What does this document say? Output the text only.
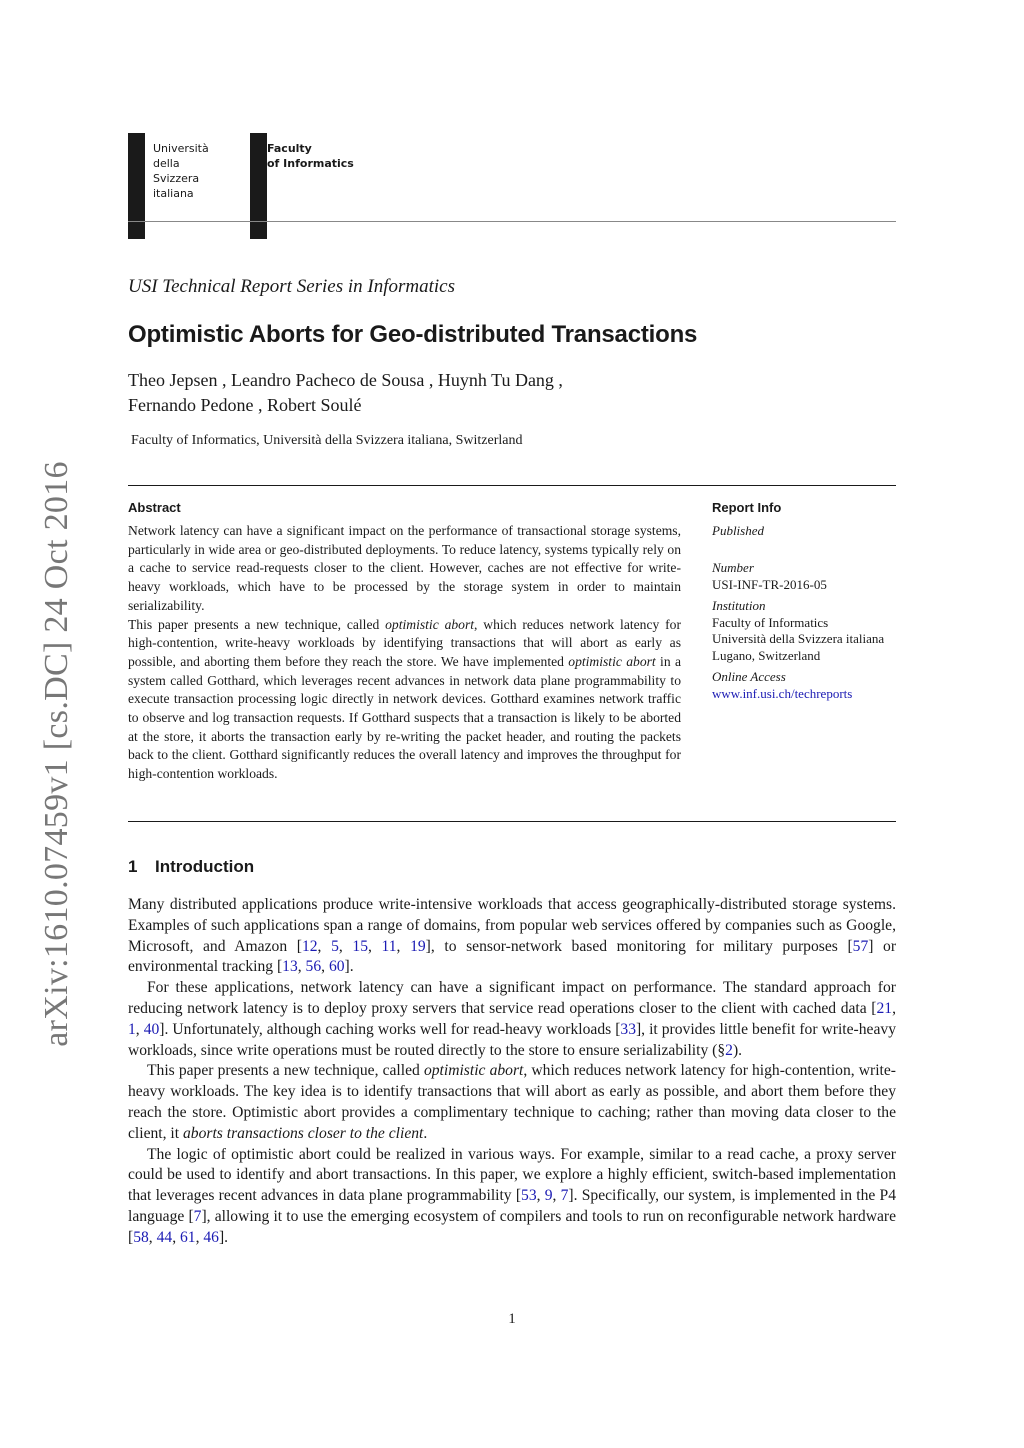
Università
della
Svizzera
italiana
Faculty
of Informatics
arXiv:1610.07459v1 [cs.DC] 24 Oct 2016
USI Technical Report Series in Informatics
Optimistic Aborts for Geo-distributed Transactions
Theo Jepsen , Leandro Pacheco de Sousa , Huynh Tu Dang ,
Fernando Pedone , Robert Soulé
Faculty of Informatics, Università della Svizzera italiana, Switzerland
Abstract

Network latency can have a significant impact on the performance of transactional storage systems, particularly in wide area or geo-distributed deployments. To reduce latency, systems typically rely on a cache to service read-requests closer to the client. However, caches are not effective for write-heavy workloads, which have to be processed by the storage system in order to maintain serializability.

This paper presents a new technique, called optimistic abort, which reduces network latency for high-contention, write-heavy workloads by identifying transactions that will abort as early as possible, and aborting them before they reach the store. We have implemented optimistic abort in a system called Gotthard, which leverages recent advances in network data plane programmability to execute transaction processing logic directly in network devices. Gotthard examines network traffic to observe and log transaction requests. If Gotthard suspects that a transaction is likely to be aborted at the store, it aborts the transaction early by re-writing the packet header, and routing the packets back to the client. Gotthard significantly reduces the overall latency and improves the throughput for high-contention workloads.

Report Info
Published
Number
USI-INF-TR-2016-05
Institution
Faculty of Informatics
Università della Svizzera italiana
Lugano, Switzerland
Online Access
www.inf.usi.ch/techreports
1 Introduction

Many distributed applications produce write-intensive workloads that access geographically-distributed storage systems. Examples of such applications span a range of domains, from popular web services offered by companies such as Google, Microsoft, and Amazon [12, 5, 15, 11, 19], to sensor-network based monitoring for military purposes [57] or environmental tracking [13, 56, 60].

For these applications, network latency can have a significant impact on performance. The standard approach for reducing network latency is to deploy proxy servers that service read operations closer to the client with cached data [21, 1, 40]. Unfortunately, although caching works well for read-heavy workloads [33], it provides little benefit for write-heavy workloads, since write operations must be routed directly to the store to ensure serializability (§2).

This paper presents a new technique, called optimistic abort, which reduces network latency for high-contention, write-heavy workloads. The key idea is to identify transactions that will abort as early as possible, and abort them before they reach the store. Optimistic abort provides a complimentary technique to caching; rather than moving data closer to the client, it aborts transactions closer to the client.

The logic of optimistic abort could be realized in various ways. For example, similar to a read cache, a proxy server could be used to identify and abort transactions. In this paper, we explore a highly efficient, switch-based implementation that leverages recent advances in data plane programmability [53, 9, 7]. Specifically, our system, is implemented in the P4 language [7], allowing it to use the emerging ecosystem of compilers and tools to run on reconfigurable network hardware [58, 44, 61, 46].

1
